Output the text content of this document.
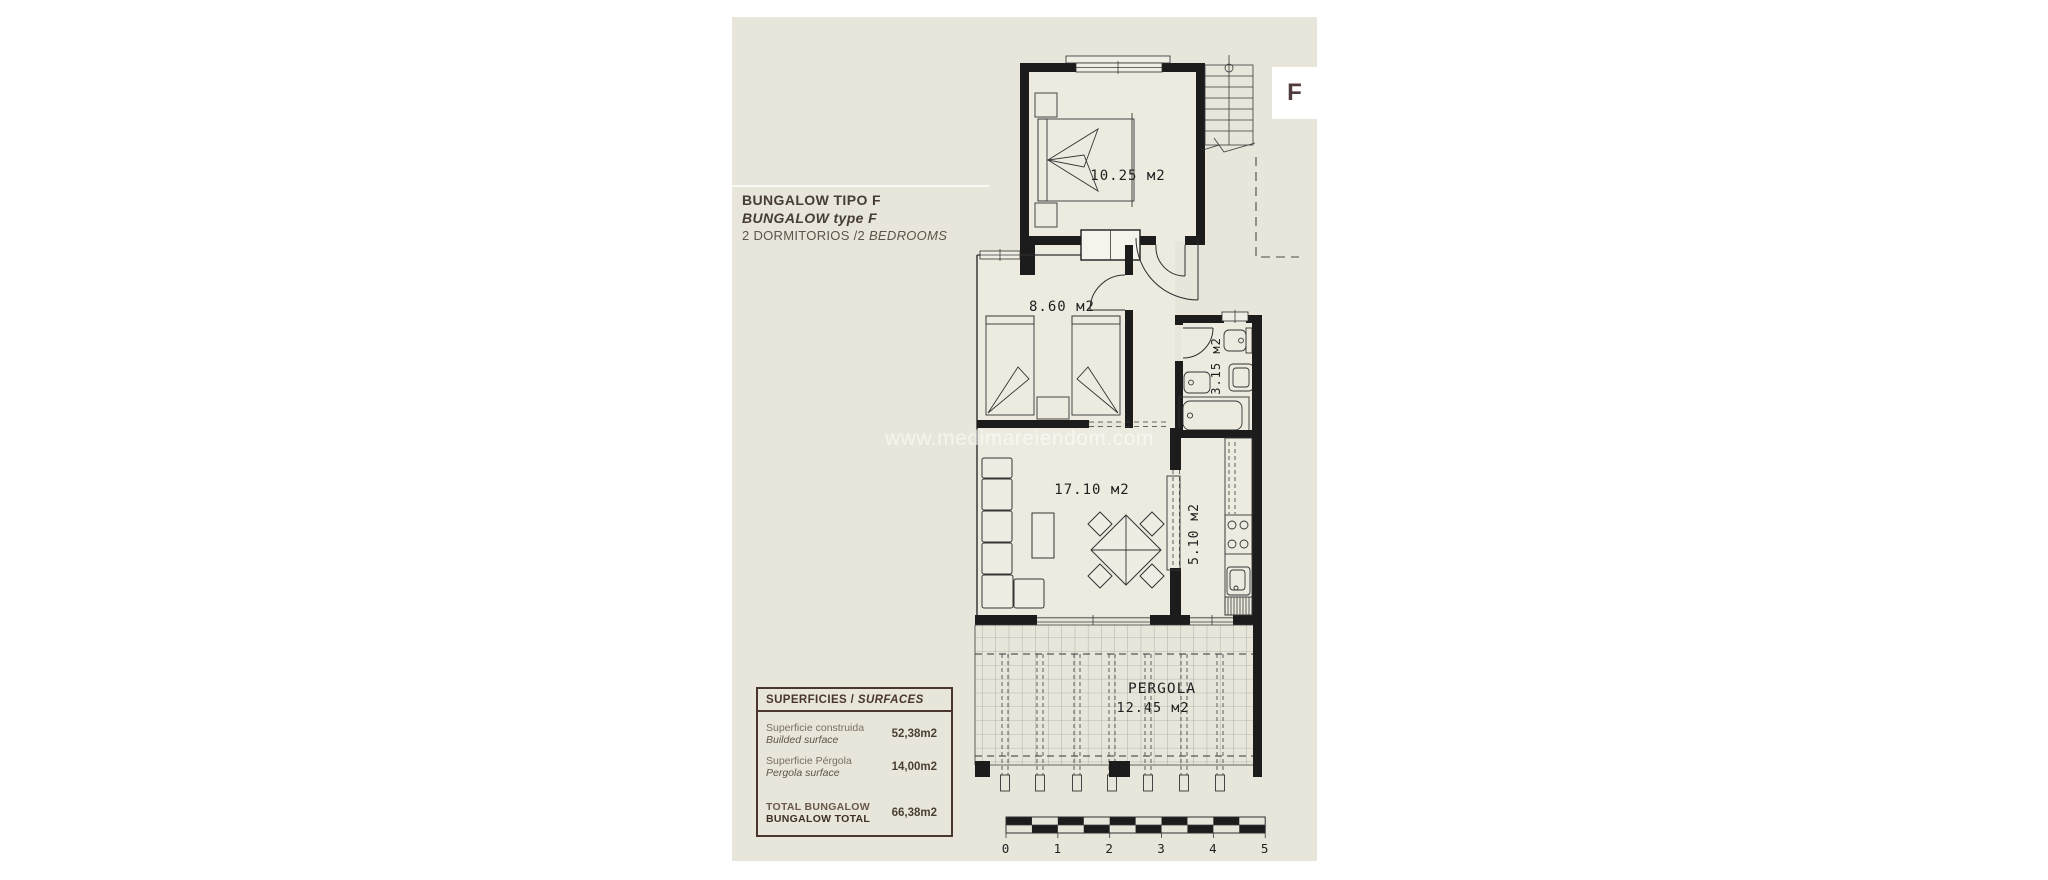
10.25 м2
8.60 м2
3.15 м2
17.10 м2
5.10 м2
PERGOLA
12.45 м2
0	1	2	3	4	5
BUNGALOW TIPO F
BUNGALOW type F
2 DORMITORIOS /2 BEDROOMS
F
www.medimareiendom.com
SUPERFICIES / SURFACES
Superficie construida
Builded surface	52,38m2
Superficie Pérgola
Pergola surface	14,00m2
TOTAL BUNGALOW
BUNGALOW TOTAL 66,38m2
